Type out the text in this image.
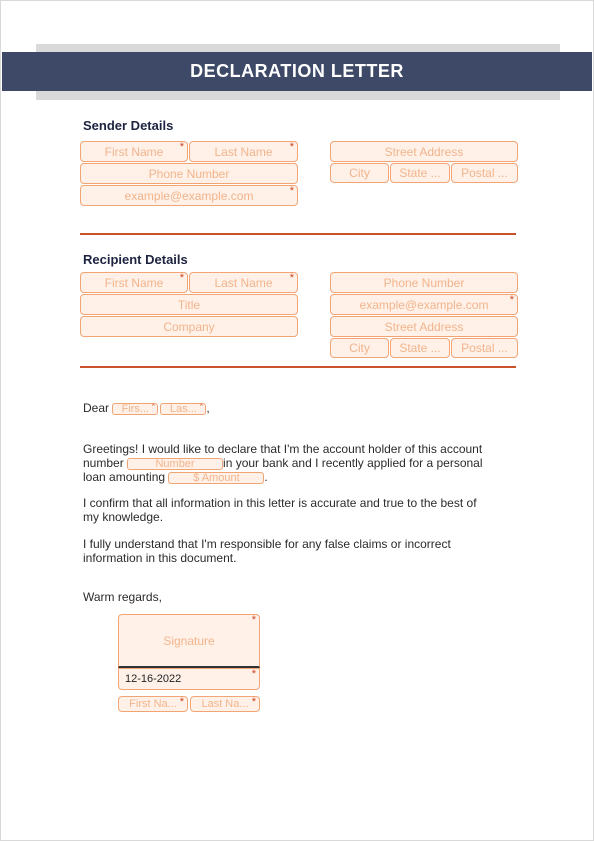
DECLARATION LETTER
Sender Details
First Name *	Last Name *
Phone Number
example@example.com *
Street Address
City	State ...	Postal ...
Recipient Details
First Name *	Last Name *
Title
Company
Phone Number
example@example.com *
Street Address
City	State ...	Postal ...
Dear Firs... * Las... * ,
Greetings! I would like to declare that I'm the account holder of this account
number	Number in your bank and I recently applied for a personal
loan amounting	$ Amount .
I confirm that all information in this letter is accurate and true to the best of
my knowledge.
I fully understand that I'm responsible for any false claims or incorrect
information in this document.
Warm regards,
Signature
*
12-16-2022 *
First Na... *	Last Na... *
